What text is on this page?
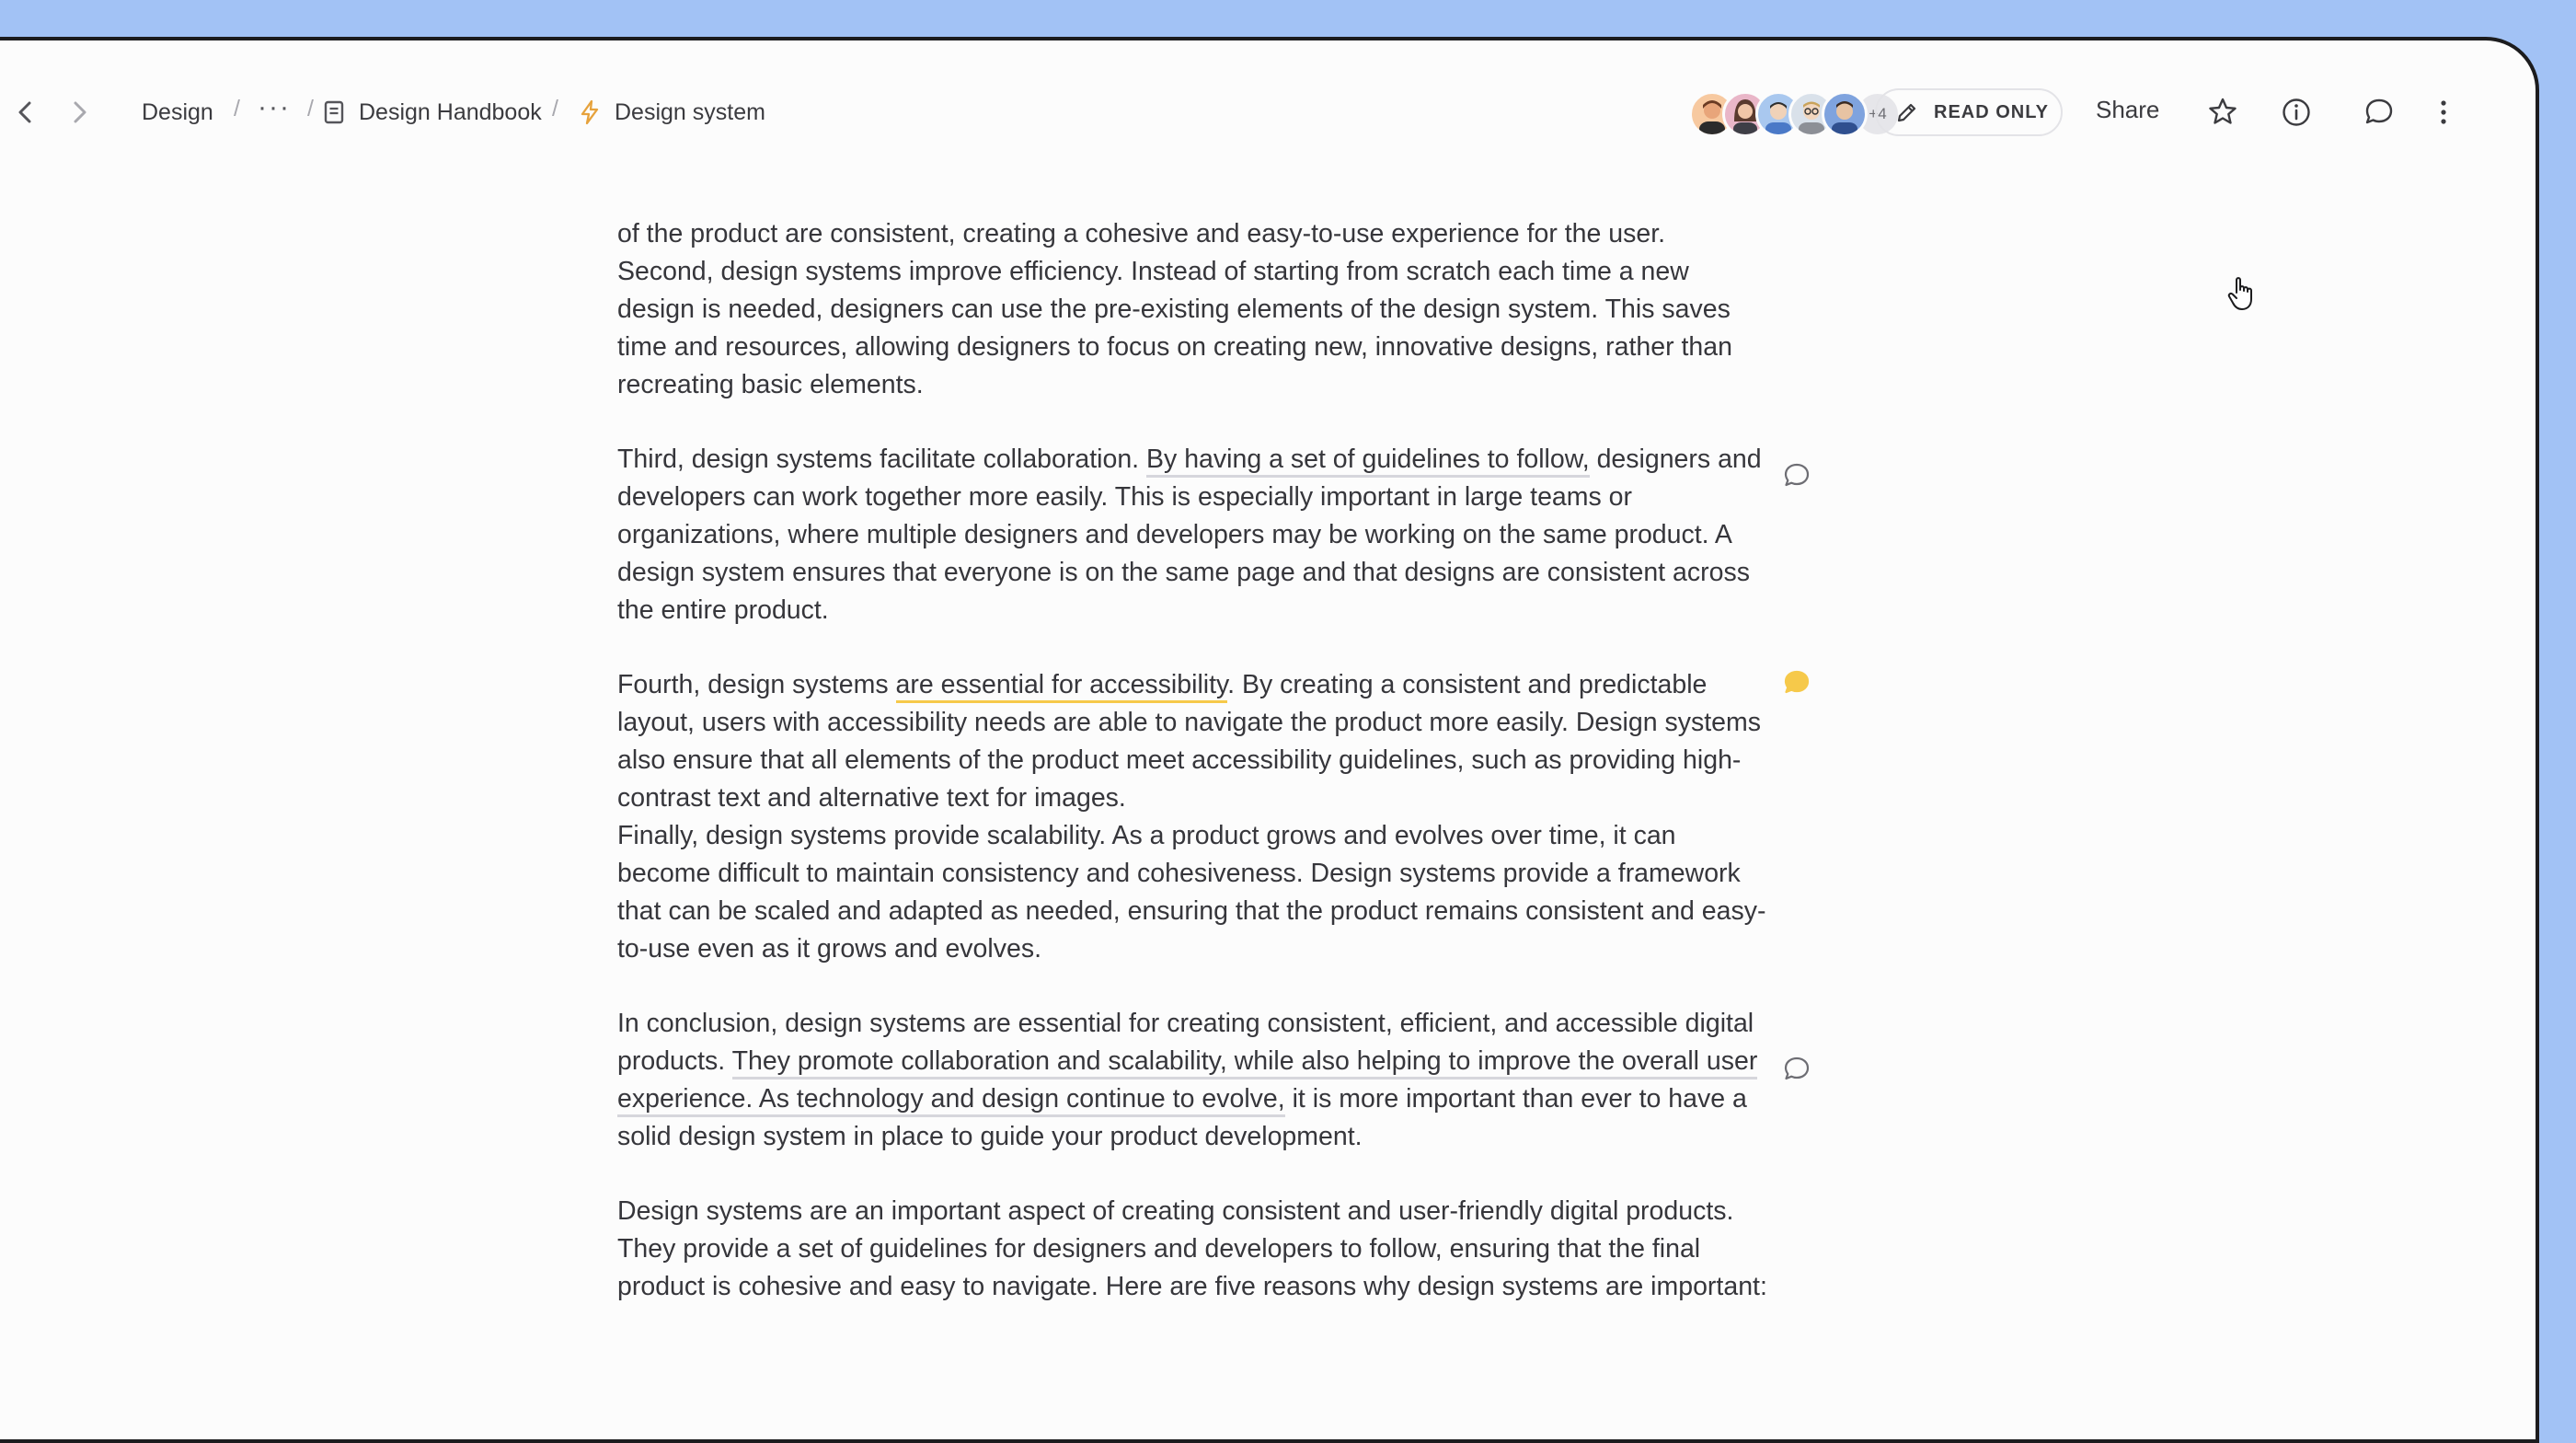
Design / ··· / Design Handbook / Design system	+4	READ ONLY Share

of the product are consistent, creating a cohesive and easy-to-use experience for the user. Second, design systems improve efficiency. Instead of starting from scratch each time a new design is needed, designers can use the pre-existing elements of the design system. This saves time and resources, allowing designers to focus on creating new, innovative designs, rather than recreating basic elements.

Third, design systems facilitate collaboration. By having a set of guidelines to follow, designers and developers can work together more easily. This is especially important in large teams or organizations, where multiple designers and developers may be working on the same product. A design system ensures that everyone is on the same page and that designs are consistent across the entire product.

Fourth, design systems are essential for accessibility. By creating a consistent and predictable layout, users with accessibility needs are able to navigate the product more easily. Design systems also ensure that all elements of the product meet accessibility guidelines, such as providing high-contrast text and alternative text for images.

Finally, design systems provide scalability. As a product grows and evolves over time, it can become difficult to maintain consistency and cohesiveness. Design systems provide a framework that can be scaled and adapted as needed, ensuring that the product remains consistent and easy-to-use even as it grows and evolves.

In conclusion, design systems are essential for creating consistent, efficient, and accessible digital products. They promote collaboration and scalability, while also helping to improve the overall user experience. As technology and design continue to evolve, it is more important than ever to have a solid design system in place to guide your product development.

Design systems are an important aspect of creating consistent and user-friendly digital products. They provide a set of guidelines for designers and developers to follow, ensuring that the final product is cohesive and easy to navigate. Here are five reasons why design systems are important:
